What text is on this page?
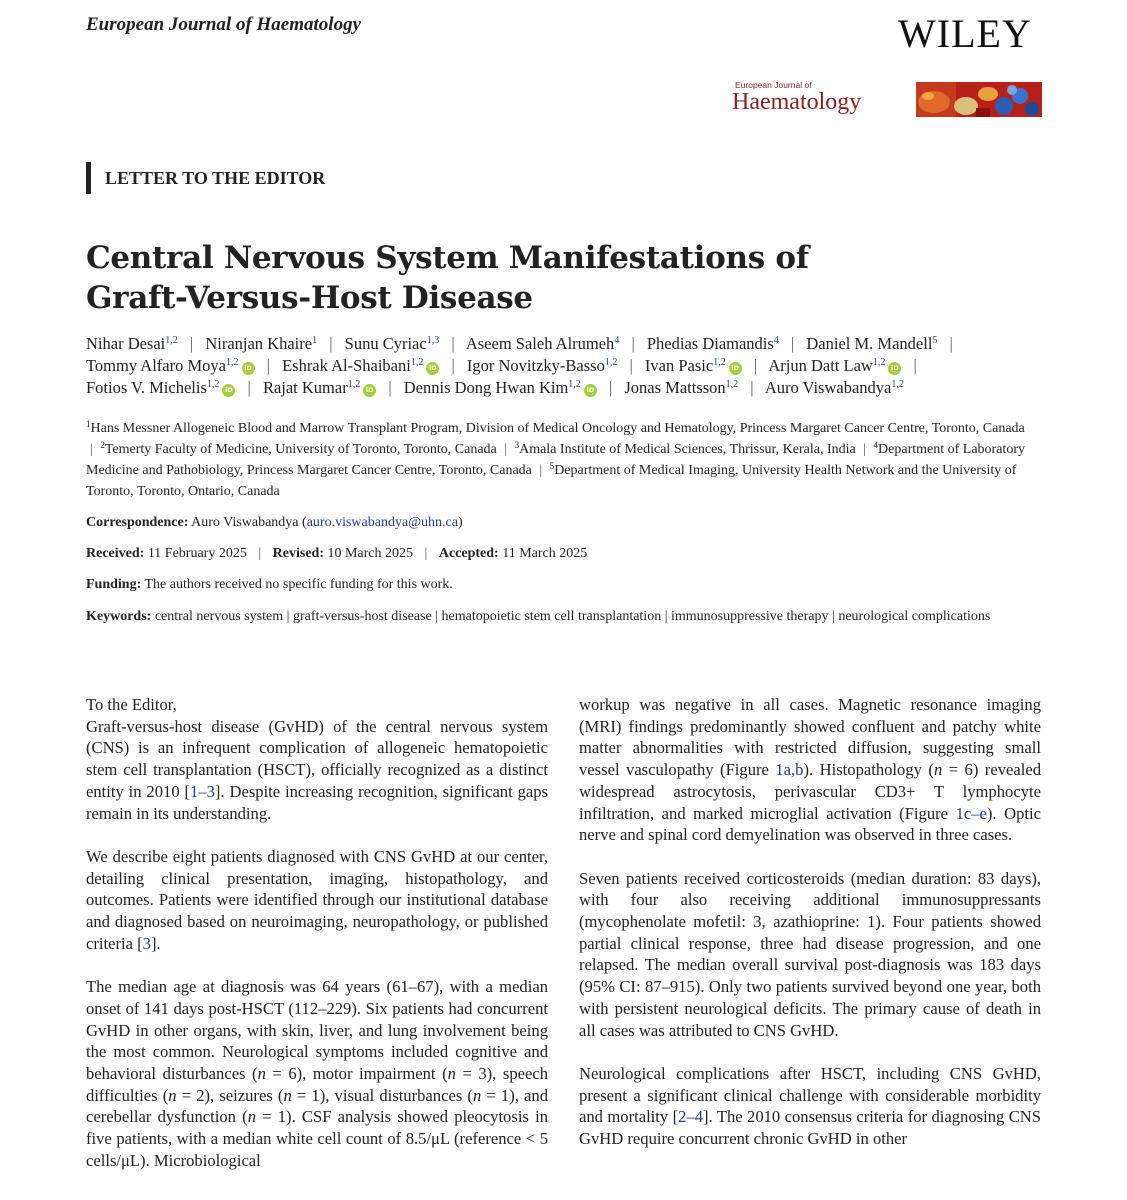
European Journal of Haematology	WILEY
European Journal of
Haematology
LETTER TO THE EDITOR
Central Nervous System Manifestations of
Graft-Versus-Host Disease
Nihar Desai$^{1,2}$ | Niranjan Khaire$^1$ | Sunu Cyriac$^{1,3}$ | Aseem Saleh Alrumeh$^4$ | Phedias Diamandis$^4$ | Daniel M. Mandell$^5$ | Tommy Alfaro Moya$^{1,2}$ iD | Eshrak Al-Shaibani$^{1,2}$ iD | Igor Novitzky-Basso$^{1,2}$ | Ivan Pasic$^{1,2}$ iD | Arjun Datt Law$^{1,2}$ iD | Fotios V. Michelis$^{1,2}$ iD | Rajat Kumar$^{1,2}$ iD | Dennis Dong Hwan Kim$^{1,2}$ iD | Jonas Mattsson$^{1,2}$ | Auro Viswabandya$^{1,2}$
$^1$Hans Messner Allogeneic Blood and Marrow Transplant Program, Division of Medical Oncology and Hematology, Princess Margaret Cancer Centre, Toronto, Canada | $^2$Temerty Faculty of Medicine, University of Toronto, Toronto, Canada | $^3$Amala Institute of Medical Sciences, Thrissur, Kerala, India | $^4$Department of Laboratory Medicine and Pathobiology, Princess Margaret Cancer Centre, Toronto, Canada | $^5$Department of Medical Imaging, University Health Network and the University of Toronto, Toronto, Ontario, Canada
Correspondence: Auro Viswabandya (auro.viswabandya@uhn.ca)
Received: 11 February 2025 | Revised: 10 March 2025 | Accepted: 11 March 2025
Funding: The authors received no specific funding for this work.
Keywords: central nervous system | graft-versus-host disease | hematopoietic stem cell transplantation | immunosuppressive therapy | neurological complications

To the Editor,

Graft-versus-host disease (GvHD) of the central nervous system (CNS) is an infrequent complication of allogeneic hematopoietic stem cell transplantation (HSCT), officially recognized as a distinct entity in 2010 [1–3]. Despite increasing recognition, significant gaps remain in its understanding.

We describe eight patients diagnosed with CNS GvHD at our center, detailing clinical presentation, imaging, histopathology, and outcomes. Patients were identified through our institutional database and diagnosed based on neuroimaging, neuropathology, or published criteria [3].

The median age at diagnosis was 64 years (61–67), with a median onset of 141 days post-HSCT (112–229). Six patients had concurrent GvHD in other organs, with skin, liver, and lung involvement being the most common. Neurological symptoms included cognitive and behavioral disturbances (n = 6), motor impairment (n = 3), speech difficulties (n = 2), seizures (n = 1), visual disturbances (n = 1), and cerebellar dysfunction (n = 1). CSF analysis showed pleocytosis in five patients, with a median white cell count of 8.5/μL (reference < 5 cells/μL). Microbiological

workup was negative in all cases. Magnetic resonance imaging (MRI) findings predominantly showed confluent and patchy white matter abnormalities with restricted diffusion, suggesting small vessel vasculopathy (Figure 1a,b). Histopathology (n = 6) revealed widespread astrocytosis, perivascular CD3+ T lymphocyte infiltration, and marked microglial activation (Figure 1c–e). Optic nerve and spinal cord demyelination was observed in three cases.

Seven patients received corticosteroids (median duration: 83 days), with four also receiving additional immunosuppressants (mycophenolate mofetil: 3, azathioprine: 1). Four patients showed partial clinical response, three had disease progression, and one relapsed. The median overall survival post-diagnosis was 183 days (95% CI: 87–915). Only two patients survived beyond one year, both with persistent neurological deficits. The primary cause of death in all cases was attributed to CNS GvHD.

Neurological complications after HSCT, including CNS GvHD, present a significant clinical challenge with considerable morbidity and mortality [2–4]. The 2010 consensus criteria for diagnosing CNS GvHD require concurrent chronic GvHD in other
